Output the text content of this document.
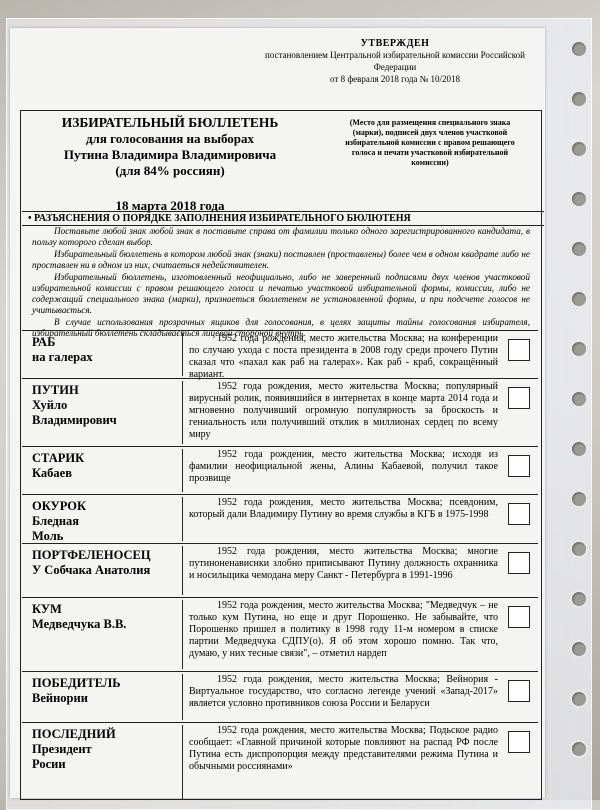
УТВЕРЖДЕН
постановлением Центральной избирательной комиссии Российской Федерации
от 8 февраля 2018 года № 10/2018
ИЗБИРАТЕЛЬНЫЙ БЮЛЛЕТЕНЬ
для голосования на выборах
Путина Владимира Владимировича
(для 84% россиян)
(Место для размещения специального знака (марки), подписей двух членов участковой избирательной комиссии с правом решающего голоса и печати участковой избирательной комиссии)
18 марта 2018 года
• РАЗЪЯСНЕНИЯ О ПОРЯДКЕ ЗАПОЛНЕНИЯ ИЗБИРАТЕЛЬНОГО БЮЛЮТЕНЯ

Поставьте любой знак любой знак в поставьте справа от фамилии только одного зарегистрированного кандидата, в пользу которого сделан выбор.

Избирательный бюллетень в котором любой знак (знаки) поставлен (проставлены) более чем в одном квадрате либо не проставлен ни в одном из них, считаеться недействителен.

Избирательный бюллетень, изготовленный неофициально, либо не заверенный подписями двух членов участковой избирательной комиссии с правом решающего голоса и печатью участковой избирательной формы, комиссии, либо не содержащий специального знака (марки), признаеться бюллетенем не установленной формы, и при подсчете голосов не учитывається.

В случае использования прозрачных ящиков для голосования, в целях защиты тайны голосования избирателя, избирательный бюллетень складывається лицевой стороной внутрь.

РАБ
на галерах
1952 года рождения, место жительства Москва; на конференции по случаю ухода с поста президента в 2008 году среди прочего Путин сказал что «пахал как раб на галерах». Как раб - краб, сокращённый вариант.
ПУТИН
Хуйло
Владимирович
1952 года рождения, место жительства Москва; популярный вирусный ролик, появившийся в интернетах в конце марта 2014 года и мгновенно получивший огромную популярность за броскость и гениальность или получивший отклик в миллионах сердец по всему миру
СТАРИК
Кабаев
1952 года рождения, место жительства Москва; исходя из фамилии неофициальной жены, Алины Кабаевой, получил такое прозвище
ОКУРОК
Бледная
Моль
1952 года рождения, место жительства Москва; псевдоним, который дали Владимиру Путину во время службы в КГБ в 1975-1998
ПОРТФЕЛЕНОСЕЦ
У Собчака Анатолия
1952 года рождения, место жительства Москва; многие путиноненависнки злобно приписывают Путину должность охранника и носильщика чемодана меру Санкт - Петербурга в 1991-1996
КУМ
Медведчука В.В.
1952 года рождения, место жительства Москва; "Медведчук – не только кум Путина, но еще и друг Порошенко. Не забывайте, что Порошенко пришел в политику в 1998 году 11-м номером в списке партии Медведчука СДПУ(о). Я об этом хорошо помню. Так что, думаю, у них тесные связи", – отметил нардеп
ПОБЕДИТЕЛЬ
Вейнории
1952 года рождения, место жительства Москва; Вейнория - Виртуальное государство, что согласно легенде учений «Запад-2017» является условно противников союза России и Беларуси
ПОСЛЕДНИЙ
Президент
Росии
1952 года рождения, место жительства Москва; Подьское радио сообщает: «Главной причиной которые повлияют на распад РФ после Путина есть диспропорция между представителями режима Путина и обычными россиянами»
